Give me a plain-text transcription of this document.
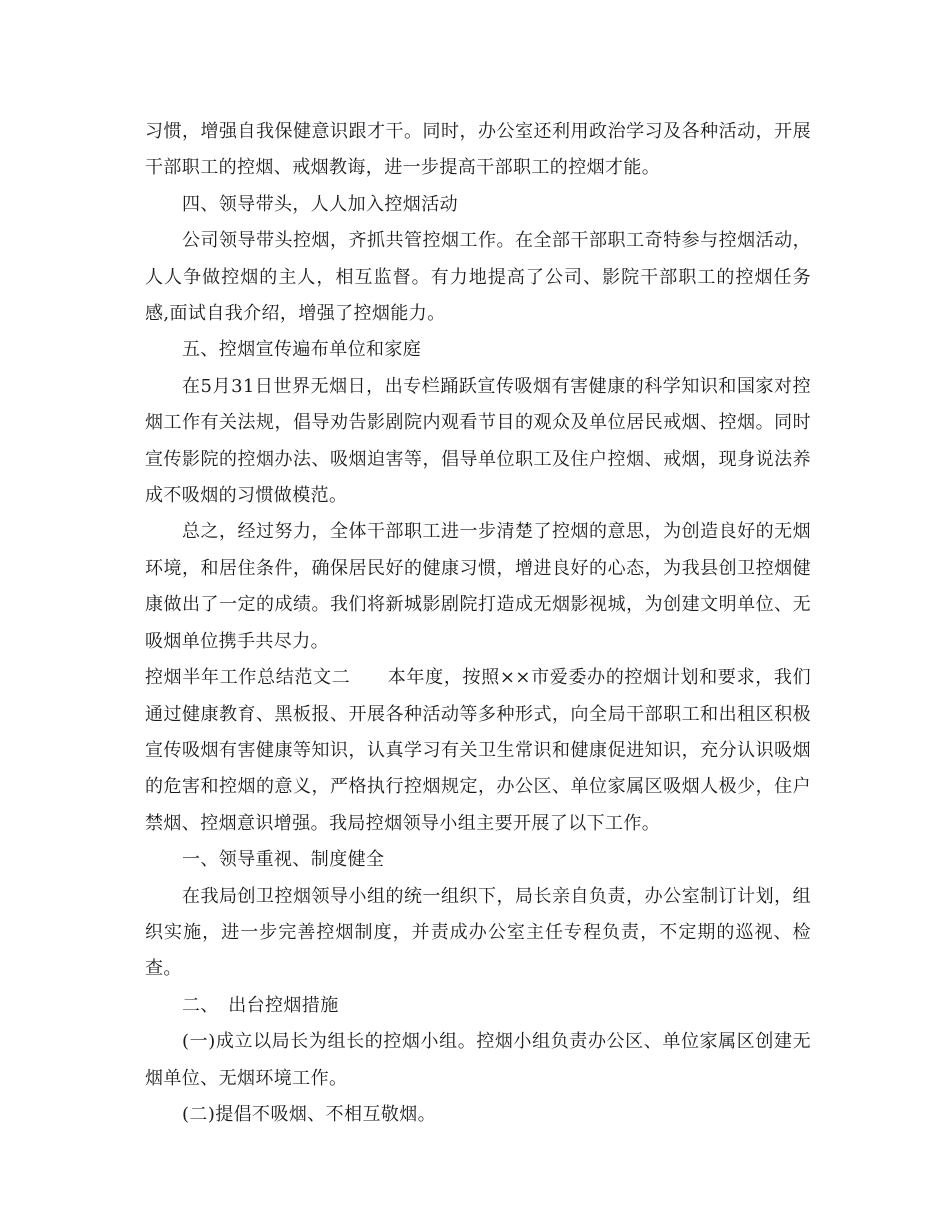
习惯，增强自我保健意识跟才干。同时，办公室还利用政治学习及各种活动，开展干部职工的控烟、戒烟教诲，进一步提高干部职工的控烟才能。

四、领导带头，人人加入控烟活动

公司领导带头控烟，齐抓共管控烟工作。在全部干部职工奇特参与控烟活动，人人争做控烟的主人，相互监督。有力地提高了公司、影院干部职工的控烟任务感,面试自我介绍，增强了控烟能力。

五、控烟宣传遍布单位和家庭

在5月31日世界无烟日，出专栏踊跃宣传吸烟有害健康的科学知识和国家对控烟工作有关法规，倡导劝告影剧院内观看节目的观众及单位居民戒烟、控烟。同时宣传影院的控烟办法、吸烟迫害等，倡导单位职工及住户控烟、戒烟，现身说法养成不吸烟的习惯做模范。

总之，经过努力，全体干部职工进一步清楚了控烟的意思，为创造良好的无烟环境，和居住条件，确保居民好的健康习惯，增进良好的心态，为我县创卫控烟健康做出了一定的成绩。我们将新城影剧院打造成无烟影视城，为创建文明单位、无吸烟单位携手共尽力。

控烟半年工作总结范文二　　本年度，按照××市爱委办的控烟计划和要求，我们通过健康教育、黑板报、开展各种活动等多种形式，向全局干部职工和出租区积极宣传吸烟有害健康等知识，认真学习有关卫生常识和健康促进知识，充分认识吸烟的危害和控烟的意义，严格执行控烟规定，办公区、单位家属区吸烟人极少，住户禁烟、控烟意识增强。我局控烟领导小组主要开展了以下工作。

一、领导重视、制度健全

在我局创卫控烟领导小组的统一组织下，局长亲自负责，办公室制订计划，组织实施，进一步完善控烟制度，并责成办公室主任专程负责，不定期的巡视、检查。

二、　出台控烟措施

(一)成立以局长为组长的控烟小组。控烟小组负责办公区、单位家属区创建无烟单位、无烟环境工作。

(二)提倡不吸烟、不相互敬烟。
